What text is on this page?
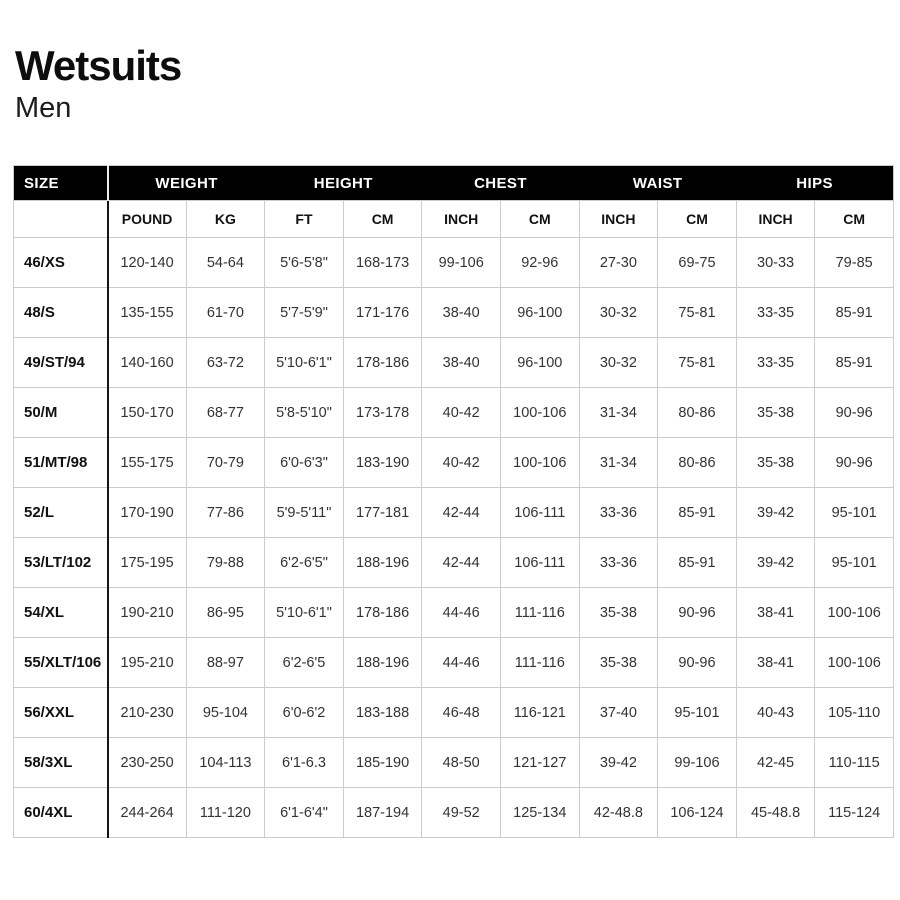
Wetsuits
Men
SIZE	WEIGHT		HEIGHT		CHEST		WAIST		HIPS	
	POUND	KG	FT	CM	INCH	CM	INCH	CM	INCH	CM
46/XS	120-140	54-64	5'6-5'8"	168-173	99-106	92-96	27-30	69-75	30-33	79-85
48/S	135-155	61-70	5'7-5'9"	171-176	38-40	96-100	30-32	75-81	33-35	85-91
49/ST/94	140-160	63-72	5'10-6'1"	178-186	38-40	96-100	30-32	75-81	33-35	85-91
50/M	150-170	68-77	5'8-5'10"	173-178	40-42	100-106	31-34	80-86	35-38	90-96
51/MT/98	155-175	70-79	6'0-6'3"	183-190	40-42	100-106	31-34	80-86	35-38	90-96
52/L	170-190	77-86	5'9-5'11"	177-181	42-44	106-111	33-36	85-91	39-42	95-101
53/LT/102	175-195	79-88	6'2-6'5"	188-196	42-44	106-111	33-36	85-91	39-42	95-101
54/XL	190-210	86-95	5'10-6'1"	178-186	44-46	111-116	35-38	90-96	38-41	100-106
55/XLT/106	195-210	88-97	6'2-6'5	188-196	44-46	111-116	35-38	90-96	38-41	100-106
56/XXL	210-230	95-104	6'0-6'2	183-188	46-48	116-121	37-40	95-101	40-43	105-110
58/3XL	230-250	104-113	6'1-6.3	185-190	48-50	121-127	39-42	99-106	42-45	110-115
60/4XL	244-264	111-120	6'1-6'4"	187-194	49-52	125-134	42-48.8	106-124	45-48.8	115-124
